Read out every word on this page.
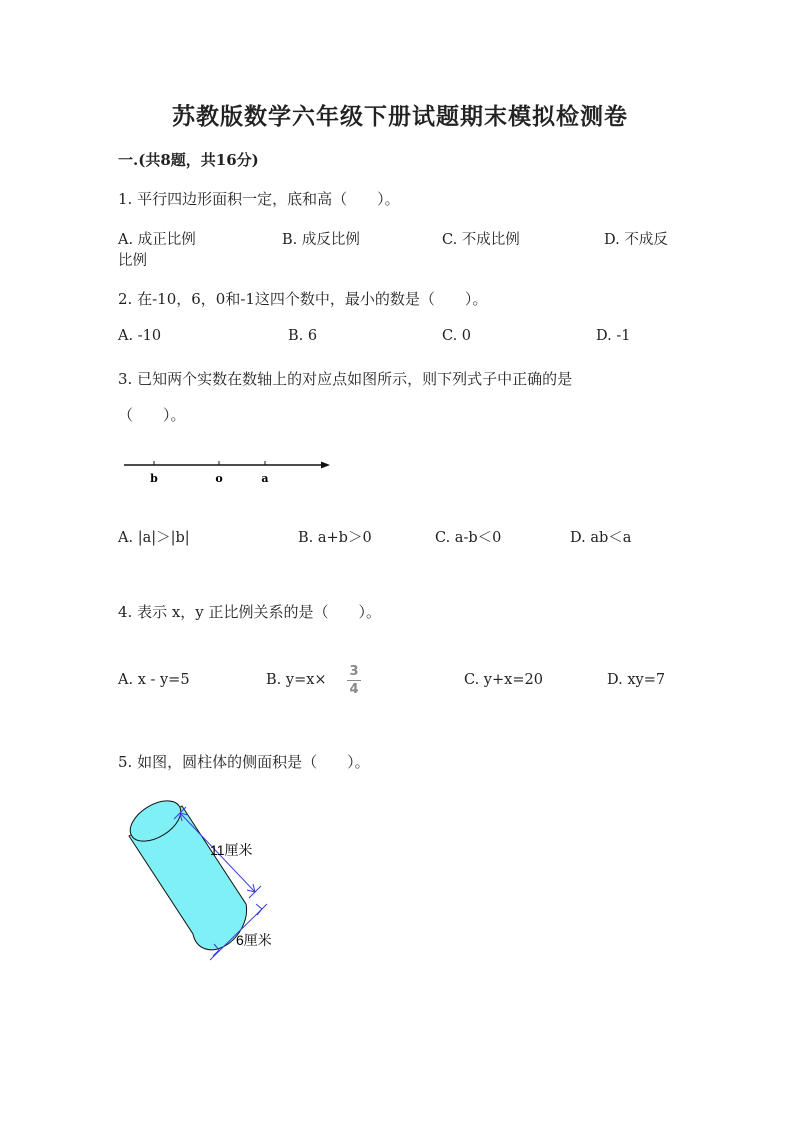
苏教版数学六年级下册试题期末模拟检测卷
一.(共8题，共16分)
1. 平行四边形面积一定，底和高（　　）。
A. 成正比例	B. 成反比例	C. 不成比例	D. 不成反
比例
2. 在-10，6，0和-1这四个数中，最小的数是（　　）。
A. -10	B. 6	C. 0	D. -1
3. 已知两个实数在数轴上的对应点如图所示，则下列式子中正确的是
（　　）。
b	o	a
A. |a|＞|b|	B. a+b＞0	C. a-b＜0	D. ab＜a
4. 表示 x，y 正比例关系的是（　　）。
A. x - y=5	B. y=x×
3
4
C. y+x=20	D. xy=7
5. 如图，圆柱体的侧面积是（　　）。
11厘米
6厘米
